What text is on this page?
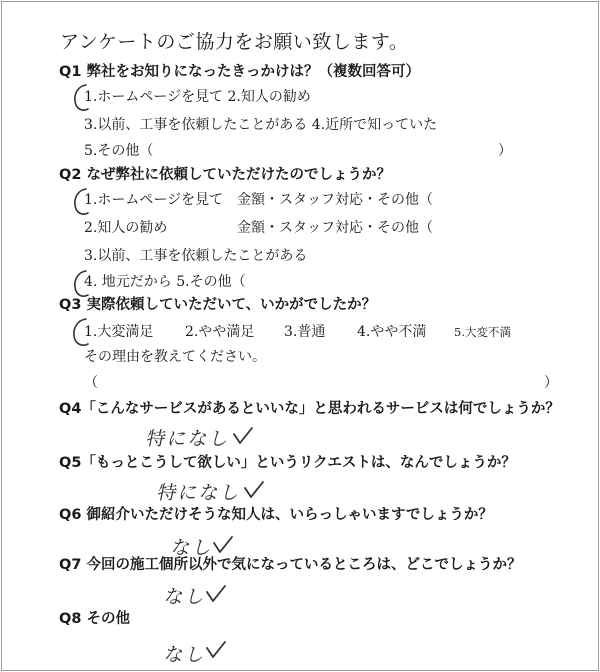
アンケートのご協力をお願い致します。
Q1 弊社をお知りになったきっかけは？（複数回答可）
1.ホームページを見て 2.知人の勧め
3.以前、工事を依頼したことがある 4.近所で知っていた
5.その他（	）
Q2 なぜ弊社に依頼していただけたのでしょうか？
1.ホームページを見て 金額・スタッフ対応・その他（
2.知人の勧め	金額・スタッフ対応・その他（
3.以前、工事を依頼したことがある
4. 地元だから 5.その他（
Q3 実際依頼していただいて、いかがでしたか？
1.大変満足 2.やや満足 3.普通 4.やや不満 5.大変不満
その理由を教えてください。
（	）
Q4「こんなサービスがあるといいな」と思われるサービスは何でしょうか？
特になし
Q5「もっとこうして欲しい」というリクエストは、なんでしょうか？
特になし
Q6 御紹介いただけそうな知人は、いらっしゃいますでしょうか？
なし
Q7 今回の施工個所以外で気になっているところは、どこでしょうか？
なし
Q8 その他
なし
